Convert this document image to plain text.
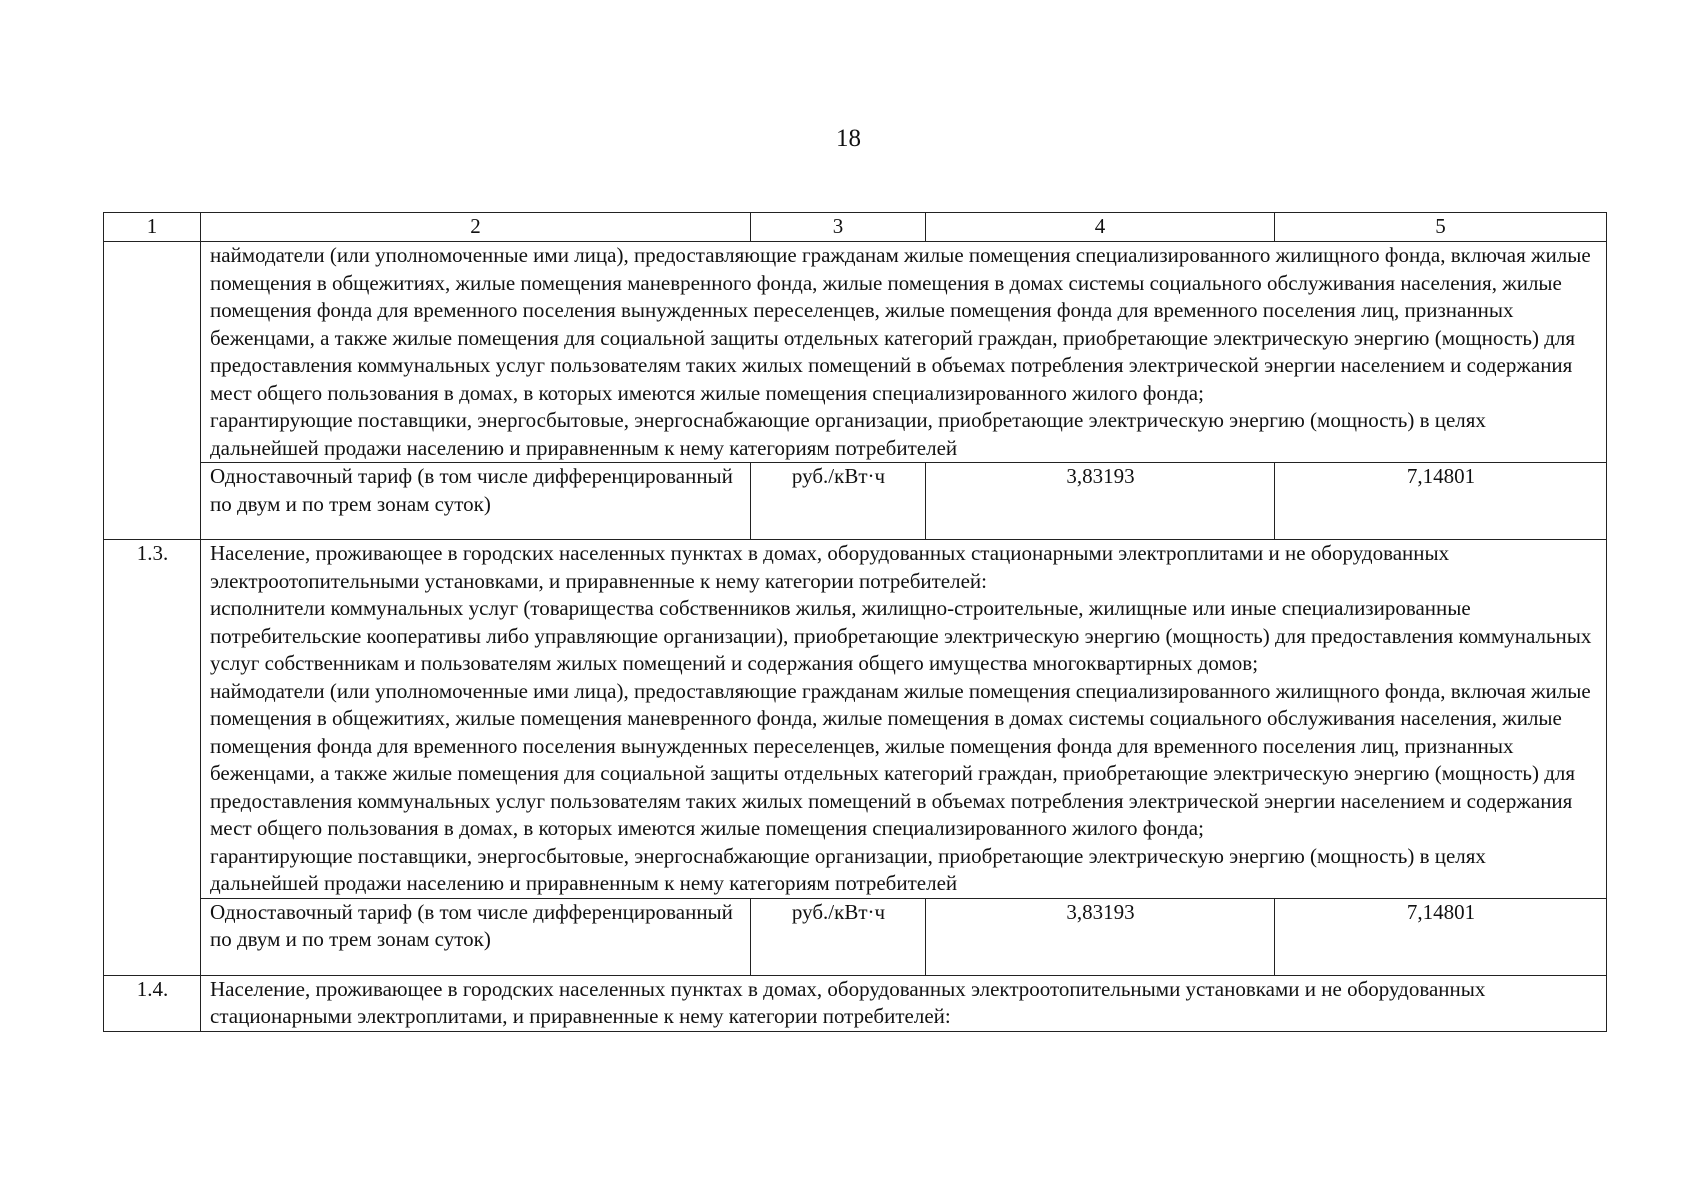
18
1	2	3	4	5

	наймодатели (или уполномоченные ими лица), предоставляющие гражданам жилые помещения специализированного жилищного фонда, включая жилые помещения в общежитиях, жилые помещения маневренного фонда, жилые помещения в домах системы социального обслуживания населения, жилые помещения фонда для временного поселения вынужденных переселенцев, жилые помещения фонда для временного поселения лиц, признанных беженцами, а также жилые помещения для социальной защиты отдельных категорий граждан, приобретающие электрическую энергию (мощность) для предоставления коммунальных услуг пользователям таких жилых помещений в объемах потребления электрической энергии населением и содержания мест общего пользования в домах, в которых имеются жилые помещения специализированного жилого фонда;
гарантирующие поставщики, энергосбытовые, энергоснабжающие организации, приобретающие электрическую энергию (мощность) в целях дальнейшей продажи населению и приравненным к нему категориям потребителей			

	Одноставочный тариф (в том числе дифференцированный по двум и по трем зонам суток)	руб./кВт·ч	3,83193	7,14801
1.3.	Население, проживающее в городских населенных пунктах в домах, оборудованных стационарными электроплитами и не оборудованных электроотопительными установками, и приравненные к нему категории потребителей:
исполнители коммунальных услуг (товарищества собственников жилья, жилищно-строительные, жилищные или иные специализированные потребительские кооперативы либо управляющие организации), приобретающие электрическую энергию (мощность) для предоставления коммунальных услуг собственникам и пользователям жилых помещений и содержания общего имущества многоквартирных домов;
наймодатели (или уполномоченные ими лица), предоставляющие гражданам жилые помещения специализированного жилищного фонда, включая жилые помещения в общежитиях, жилые помещения маневренного фонда, жилые помещения в домах системы социального обслуживания населения, жилые помещения фонда для временного поселения вынужденных переселенцев, жилые помещения фонда для временного поселения лиц, признанных беженцами, а также жилые помещения для социальной защиты отдельных категорий граждан, приобретающие электрическую энергию (мощность) для предоставления коммунальных услуг пользователям таких жилых помещений в объемах потребления электрической энергии населением и содержания мест общего пользования в домах, в которых имеются жилые помещения специализированного жилого фонда;
гарантирующие поставщики, энергосбытовые, энергоснабжающие организации, приобретающие электрическую энергию (мощность) в целях дальнейшей продажи населению и приравненным к нему категориям потребителей			

	Одноставочный тариф (в том числе дифференцированный по двум и по трем зонам суток)	руб./кВт·ч	3,83193	7,14801
1.4.	Население, проживающее в городских населенных пунктах в домах, оборудованных электроотопительными установками и не оборудованных стационарными электроплитами, и приравненные к нему категории потребителей:			
